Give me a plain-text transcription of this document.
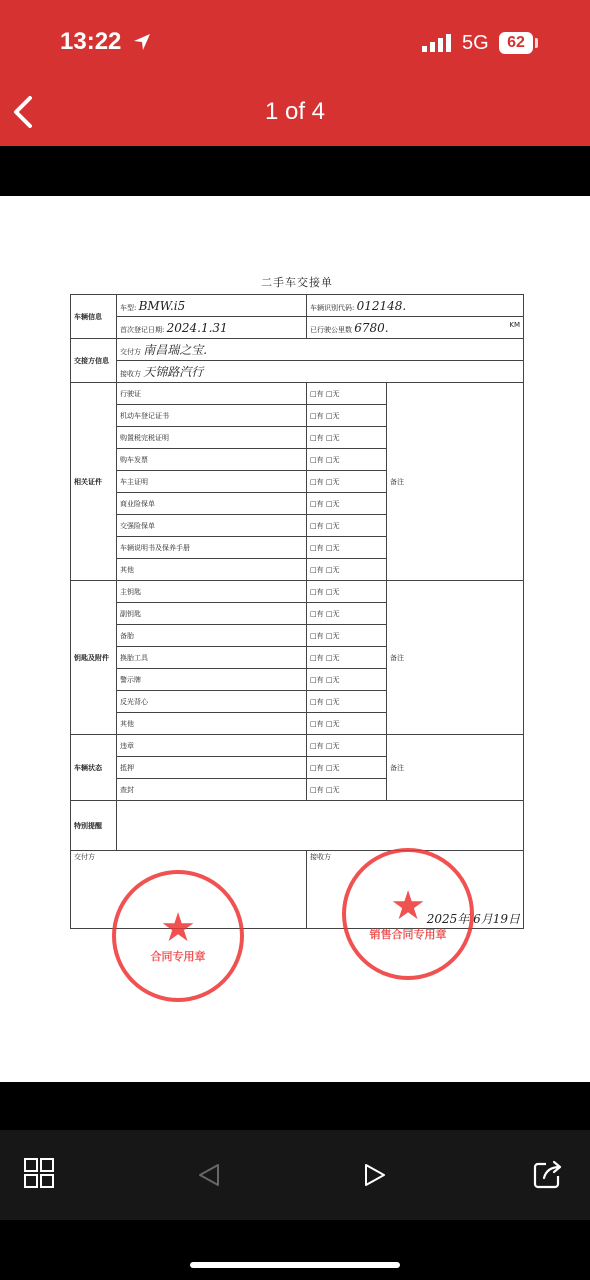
13:22	5G	62
1 of 4
二手车交接单
车辆信息	车型: BMW.i5	车辆识别代码: 012148.	
	首次登记日期: 2024.1.31	已行驶公里数 6780. KM	

交接方信息	交付方 南昌瑞之宝.		
	接收方 天锦路汽行		
相关证件	行驶证	□有 □无	备注
	机动车登记证书	□有 □无	
	购置税完税证明	□有 □无	
	购车发票	□有 □无	
	车主证明	□有 □无	
	商业险保单	□有 □无	
	交强险保单	□有 □无	
	车辆说明书及保养手册	□有 □无	
	其他	□有 □无	
钥匙及附件	主钥匙	□有 □无	备注
	副钥匙	□有 □无	
	备胎	□有 □无	
	换胎工具	□有 □无	
	警示牌	□有 □无	
	反光背心	□有 □无	
	其他	□有 □无	
车辆状态	违章	□有 □无	备注
	抵押	□有 □无	
	查封	□有 □无	
特别提醒			
交付方		接收方
2025年 6月19日	
★
合同专用章
★
销售合同专用章
